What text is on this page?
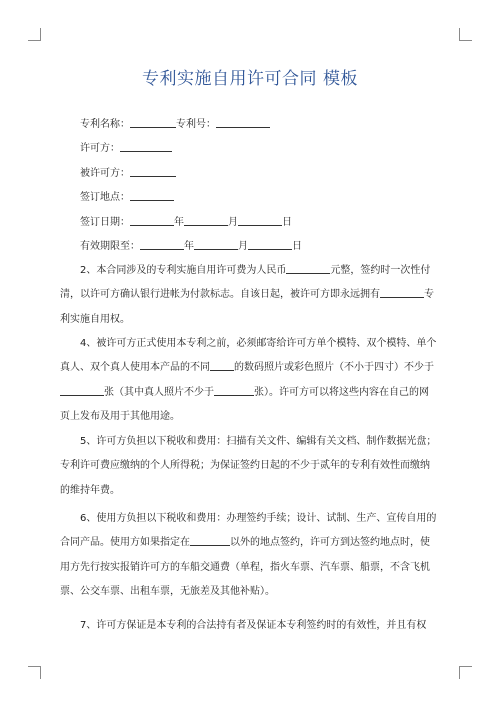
专利实施自用许可合同 模板
专利名称：	专利号：
许可方：
被许可方：
签订地点：
签订日期：	年	月	日
有效期限至：	年	月	日
2、本合同涉及的专利实施自用许可费为人民币	元整，签约时一次性付清，以许可方确认银行进帐为付款标志。自该日起，被许可方即永远拥有	专利实施自用权。
4、被许可方正式使用本专利之前，必须邮寄给许可方单个模特、双个模特、单个真人、双个真人使用本产品的不同 的数码照片或彩色照片（不小于四寸）不少于张（其中真人照片不少于	张）。许可方可以将这些内容在自己的网页上发布及用于其他用途。
5、许可方负担以下税收和费用：扫描有关文件、编辑有关文档、制作数据光盘；专利许可费应缴纳的个人所得税；为保证签约日起的不少于贰年的专利有效性而缴纳的维持年费。
6、使用方负担以下税收和费用：办理签约手续；设计、试制、生产、宣传自用的合同产品。使用方如果指定在	以外的地点签约，许可方到达签约地点时，使用方先行按实报销许可方的车船交通费（单程，指火车票、汽车票、船票，不含飞机票、公交车票、出租车票，无旅差及其他补贴）。
7、许可方保证是本专利的合法持有者及保证本专利签约时的有效性，并且有权
